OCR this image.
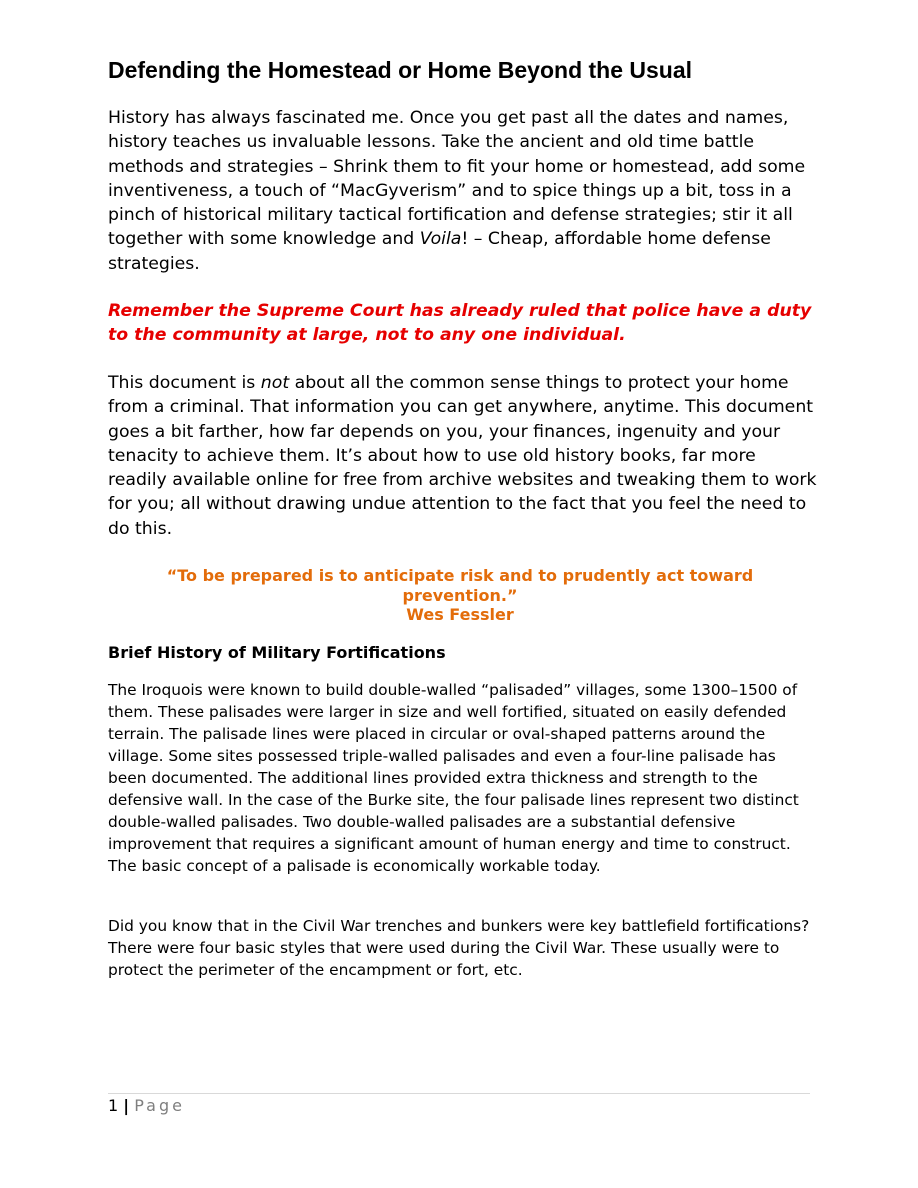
Defending the Homestead or Home Beyond the Usual

History has always fascinated me. Once you get past all the dates and names, history teaches us invaluable lessons. Take the ancient and old time battle methods and strategies – Shrink them to fit your home or homestead, add some inventiveness, a touch of “MacGyverism” and to spice things up a bit, toss in a pinch of historical military tactical fortification and defense strategies; stir it all together with some knowledge and Voila! – Cheap, affordable home defense strategies.

Remember the Supreme Court has already ruled that police have a duty to the community at large, not to any one individual.

This document is not about all the common sense things to protect your home from a criminal. That information you can get anywhere, anytime. This document goes a bit farther, how far depends on you, your finances, ingenuity and your tenacity to achieve them. It’s about how to use old history books, far more readily available online for free from archive websites and tweaking them to work for you; all without drawing undue attention to the fact that you feel the need to do this.

“To be prepared is to anticipate risk and to prudently act toward prevention.”
Wes Fessler
Brief History of Military Fortifications

The Iroquois were known to build double-walled “palisaded” villages, some 1300–1500 of them. These palisades were larger in size and well fortified, situated on easily defended terrain. The palisade lines were placed in circular or oval-shaped patterns around the village. Some sites possessed triple-walled palisades and even a four-line palisade has been documented. The additional lines provided extra thickness and strength to the defensive wall. In the case of the Burke site, the four palisade lines represent two distinct double-walled palisades. Two double-walled palisades are a substantial defensive improvement that requires a significant amount of human energy and time to construct. The basic concept of a palisade is economically workable today.

Did you know that in the Civil War trenches and bunkers were key battlefield fortifications? There were four basic styles that were used during the Civil War. These usually were to protect the perimeter of the encampment or fort, etc.

1 | Page
